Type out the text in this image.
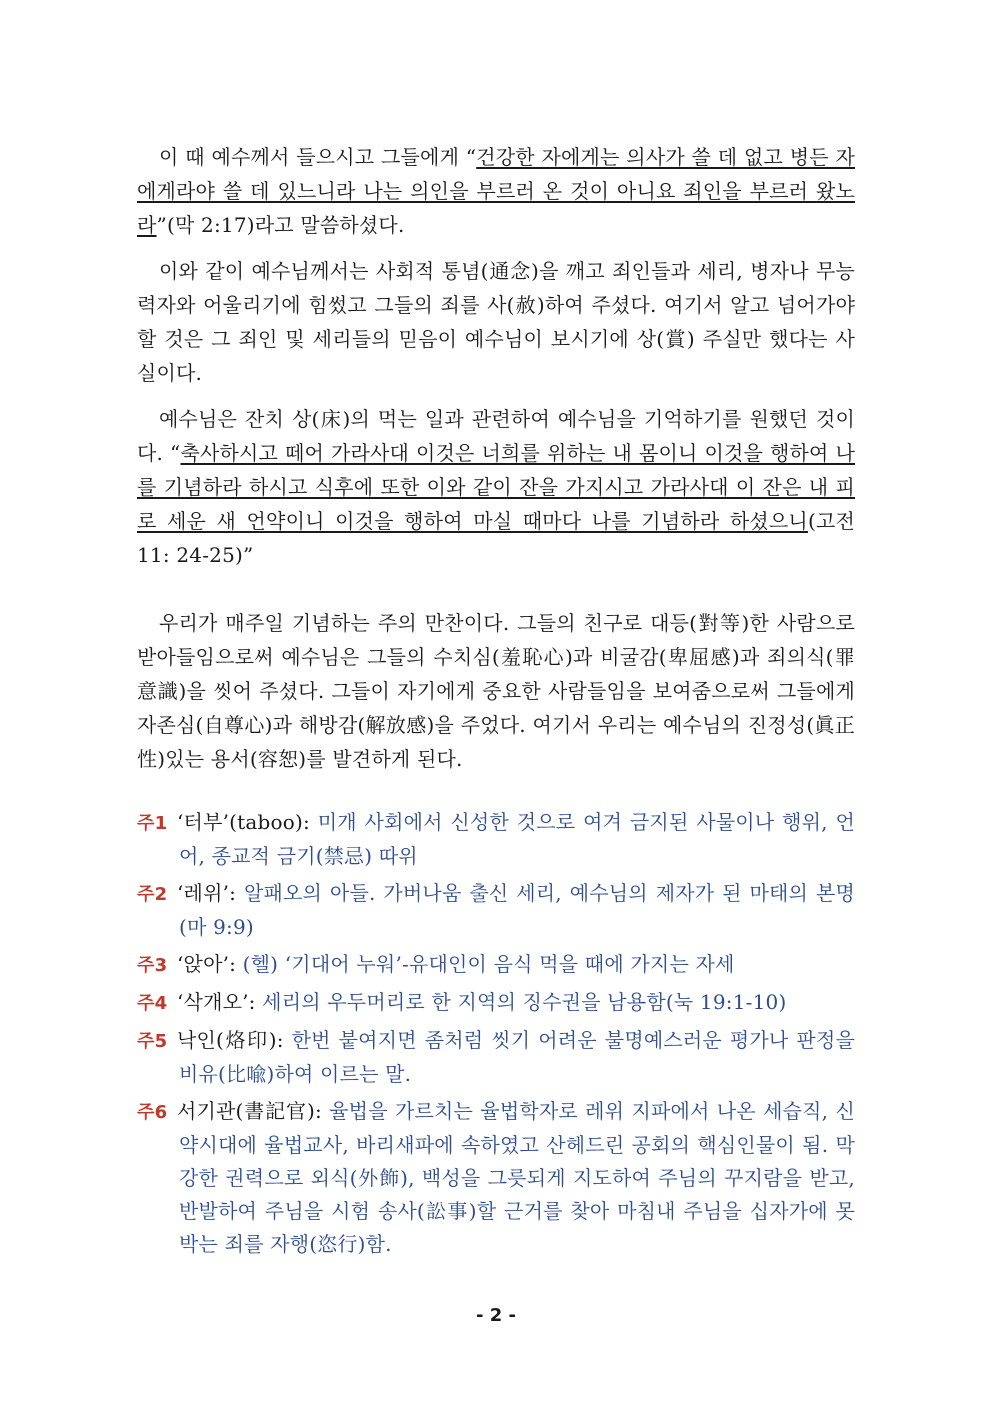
이 때 예수께서 들으시고 그들에게 “건강한 자에게는 의사가 쓸 데 없고 병든 자에게라야 쓸 데 있느니라 나는 의인을 부르러 온 것이 아니요 죄인을 부르러 왔노라”(막 2:17)라고 말씀하셨다.

이와 같이 예수님께서는 사회적 통념(通念)을 깨고 죄인들과 세리, 병자나 무능력자와 어울리기에 힘썼고 그들의 죄를 사(赦)하여 주셨다. 여기서 알고 넘어가야 할 것은 그 죄인 및 세리들의 믿음이 예수님이 보시기에 상(賞) 주실만 했다는 사실이다.

예수님은 잔치 상(床)의 먹는 일과 관련하여 예수님을 기억하기를 원했던 것이다. “축사하시고 떼어 가라사대 이것은 너희를 위하는 내 몸이니 이것을 행하여 나를 기념하라 하시고 식후에 또한 이와 같이 잔을 가지시고 가라사대 이 잔은 내 피로 세운 새 언약이니 이것을 행하여 마실 때마다 나를 기념하라 하셨으니(고전 11: 24-25)”

우리가 매주일 기념하는 주의 만찬이다. 그들의 친구로 대등(對等)한 사람으로 받아들임으로써 예수님은 그들의 수치심(羞恥心)과 비굴감(卑屈感)과 죄의식(罪意識)을 씻어 주셨다. 그들이 자기에게 중요한 사람들임을 보여줌으로써 그들에게 자존심(自尊心)과 해방감(解放感)을 주었다. 여기서 우리는 예수님의 진정성(眞正性)있는 용서(容恕)를 발견하게 된다.

주1 ‘터부’(taboo): 미개 사회에서 신성한 것으로 여겨 금지된 사물이나 행위, 언어, 종교적 금기(禁忌) 따위
주2 ‘레위’: 알패오의 아들. 가버나움 출신 세리, 예수님의 제자가 된 마태의 본명(마 9:9)
주3 ‘앉아’: (헬) ‘기대어 누워’-유대인이 음식 먹을 때에 가지는 자세
주4 ‘삭개오’: 세리의 우두머리로 한 지역의 징수권을 남용함(눅 19:1-10)
주5 낙인(烙印): 한번 붙여지면 좀처럼 씻기 어려운 불명예스러운 평가나 판정을 비유(比喩)하여 이르는 말.
주6 서기관(書記官): 율법을 가르치는 율법학자로 레위 지파에서 나온 세습직, 신약시대에 율법교사, 바리새파에 속하였고 산헤드린 공회의 핵심인물이 됨. 막강한 권력으로 외식(外飾), 백성을 그릇되게 지도하여 주님의 꾸지람을 받고, 반발하여 주님을 시험 송사(訟事)할 근거를 찾아 마침내 주님을 십자가에 못박는 죄를 자행(恣行)함.
- 2 -
